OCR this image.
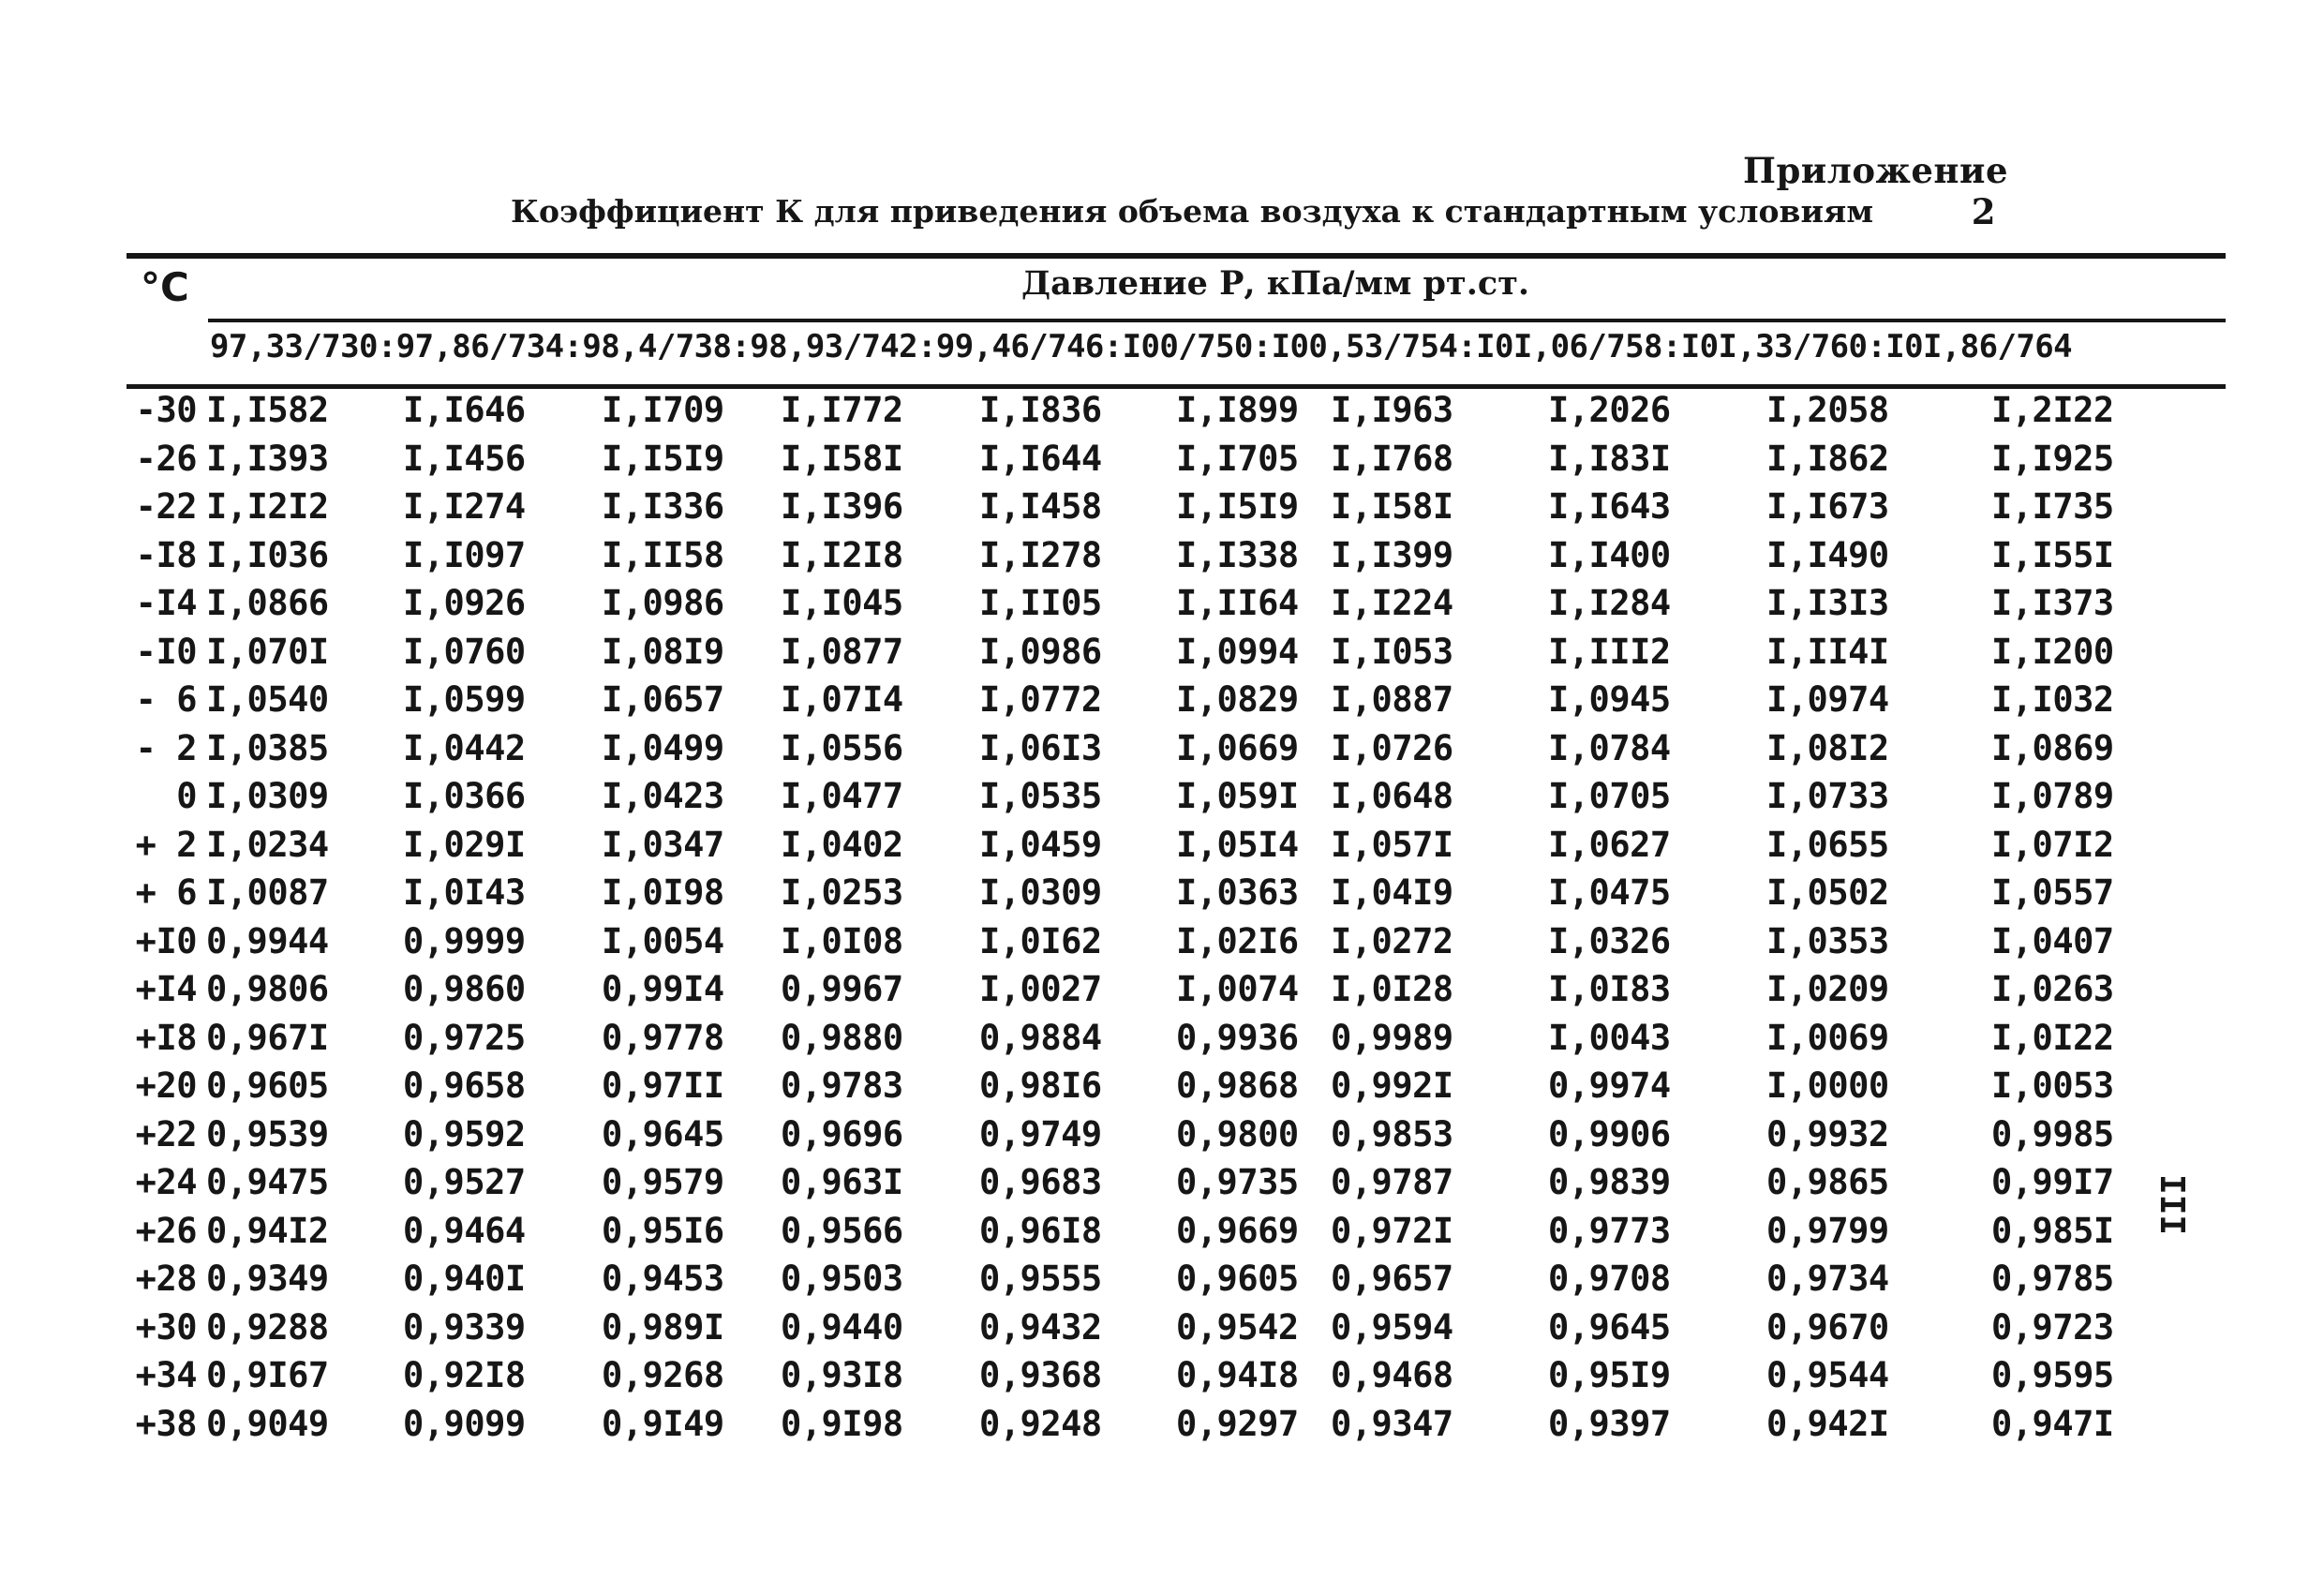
Приложение 2
Коэффициент К для приведения объема воздуха к стандартным условиям
°C	Давление Р, кПа/мм рт.ст.
97,33/730:97,86/734:98,4/738:98,93/742:99,46/746:I00/750:I00,53/754:I0I,06/758:I0I,33/760:I0I,86/764
-30 I,I582 I,I646 I,I709 I,I772 I,I836 I,I899 I,I963	I,2026	I,2058	I,2I22
-26 I,I393 I,I456 I,I5I9 I,I58I I,I644 I,I705 I,I768	I,I83I	I,I862	I,I925
-22 I,I2I2 I,I274 I,I336 I,I396 I,I458 I,I5I9 I,I58I	I,I643	I,I673	I,I735
-I8 I,I036 I,I097 I,II58 I,I2I8 I,I278 I,I338 I,I399	I,I400	I,I490	I,I55I
-I4 I,0866 I,0926 I,0986 I,I045 I,II05 I,II64 I,I224	I,I284	I,I3I3	I,I373
-I0 I,070I I,0760 I,08I9 I,0877 I,0986 I,0994 I,I053	I,III2	I,II4I	I,I200
- 6 I,0540 I,0599 I,0657 I,07I4 I,0772 I,0829 I,0887	I,0945	I,0974	I,I032
- 2 I,0385 I,0442 I,0499 I,0556 I,06I3 I,0669 I,0726	I,0784	I,08I2	I,0869
0 I,0309 I,0366 I,0423 I,0477 I,0535 I,059I I,0648	I,0705	I,0733	I,0789
+ 2 I,0234 I,029I I,0347 I,0402 I,0459 I,05I4 I,057I	I,0627	I,0655	I,07I2
+ 6 I,0087 I,0I43 I,0I98 I,0253 I,0309 I,0363 I,04I9	I,0475	I,0502	I,0557
+I0 0,9944 0,9999 I,0054 I,0I08 I,0I62 I,02I6 I,0272	I,0326	I,0353	I,0407
+I4 0,9806 0,9860 0,99I4 0,9967 I,0027 I,0074 I,0I28	I,0I83	I,0209	I,0263
+I8 0,967I 0,9725 0,9778 0,9880 0,9884 0,9936 0,9989	I,0043	I,0069	I,0I22
+20 0,9605 0,9658 0,97II 0,9783 0,98I6 0,9868 0,992I	0,9974	I,0000	I,0053
+22 0,9539 0,9592 0,9645 0,9696 0,9749 0,9800 0,9853	0,9906	0,9932	0,9985
+24 0,9475 0,9527 0,9579 0,963I 0,9683 0,9735 0,9787	0,9839	0,9865	0,99I7
+26 0,94I2 0,9464 0,95I6 0,9566 0,96I8 0,9669 0,972I	0,9773	0,9799	0,985I
+28 0,9349 0,940I 0,9453 0,9503 0,9555 0,9605 0,9657	0,9708	0,9734	0,9785
+30 0,9288 0,9339 0,989I 0,9440 0,9432 0,9542 0,9594	0,9645	0,9670	0,9723
+34 0,9I67 0,92I8 0,9268 0,93I8 0,9368 0,94I8 0,9468	0,95I9	0,9544	0,9595
+38 0,9049 0,9099 0,9I49 0,9I98 0,9248 0,9297 0,9347	0,9397	0,942I	0,947I
III
